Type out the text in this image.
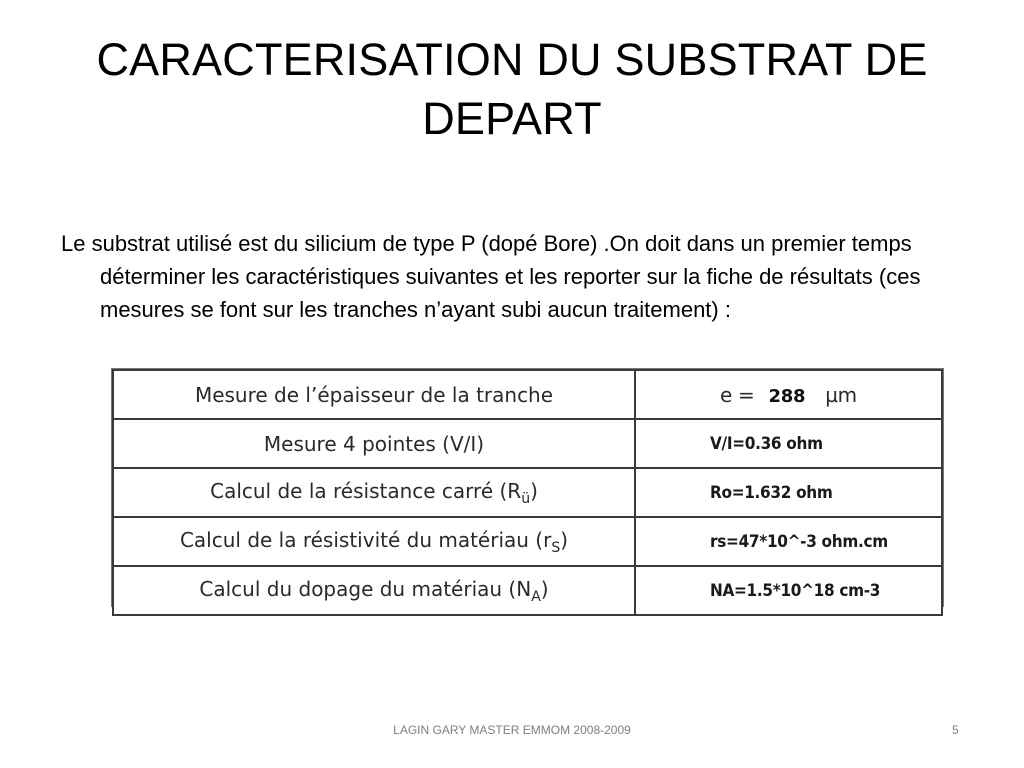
CARACTERISATION DU SUBSTRAT DE DEPART
Le substrat utilisé est du silicium de type P (dopé Bore) .On doit dans un premier temps déterminer les caractéristiques suivantes et les reporter sur la fiche de résultats (ces mesures se font sur les tranches n’ayant subi aucun traitement) :
Mesure de l’épaisseur de la tranche	e = 288 µm
Mesure 4 pointes (V/I)	V/I=0.36 ohm
Calcul de la résistance carré $(R_ü)$	Ro=1.632 ohm
Calcul de la résistivité du matériau $(r_S)$	rs=47*10^-3 ohm.cm
Calcul du dopage du matériau $(N_A)$	NA=1.5*10^18 cm-3
LAGIN GARY MASTER EMMOM 2008-2009	5
